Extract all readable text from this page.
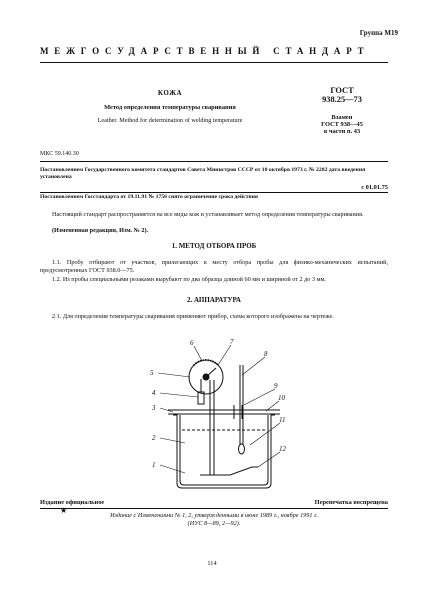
Группа М19
МЕЖГОСУДАРСТВЕННЫЙ СТАНДАРТ
КОЖА
Метод определения температуры сваривания
Leather. Method for determination of welding temperature
ГОСТ
938.25—73
Взамен
ГОСТ 938—45
в части п. 43
МКС 59.140.30
Постановлением Государственного комитета стандартов Совета Министров СССР от 10 октября 1973 г. № 2282 дата введения установлена
с 01.01.75
Постановлением Госстандарта от 19.11.91 № 1756 снято ограничение срока действия
Настоящий стандарт распространяется на все виды кож и устанавливает метод определения температуры сваривания.
(Измененная редакция, Изм. № 2).
1. МЕТОД ОТБОРА ПРОБ
1.1. Пробу отбирают от участков, прилегающих к месту отбора пробы для физико-механических испытаний, предусмотренных ГОСТ 938.0—75.
1.2. Из пробы специальными резаками вырубают по два образца длиной 60 мм и шириной от 2 до 3 мм.
2. АППАРАТУРА
2.1. Для определения температуры сваривания применяют прибор, схема которого изображена на чертеже.
1
2
3
4
5
6	7
8
9
10
11
12
Издание официальное	Перепечатка воспрещена
★
Издание с Изменениями № 1, 2, утвержденными в июне 1989 г., ноябре 1991 г.
(ИУС 8—89, 2—92).
114
